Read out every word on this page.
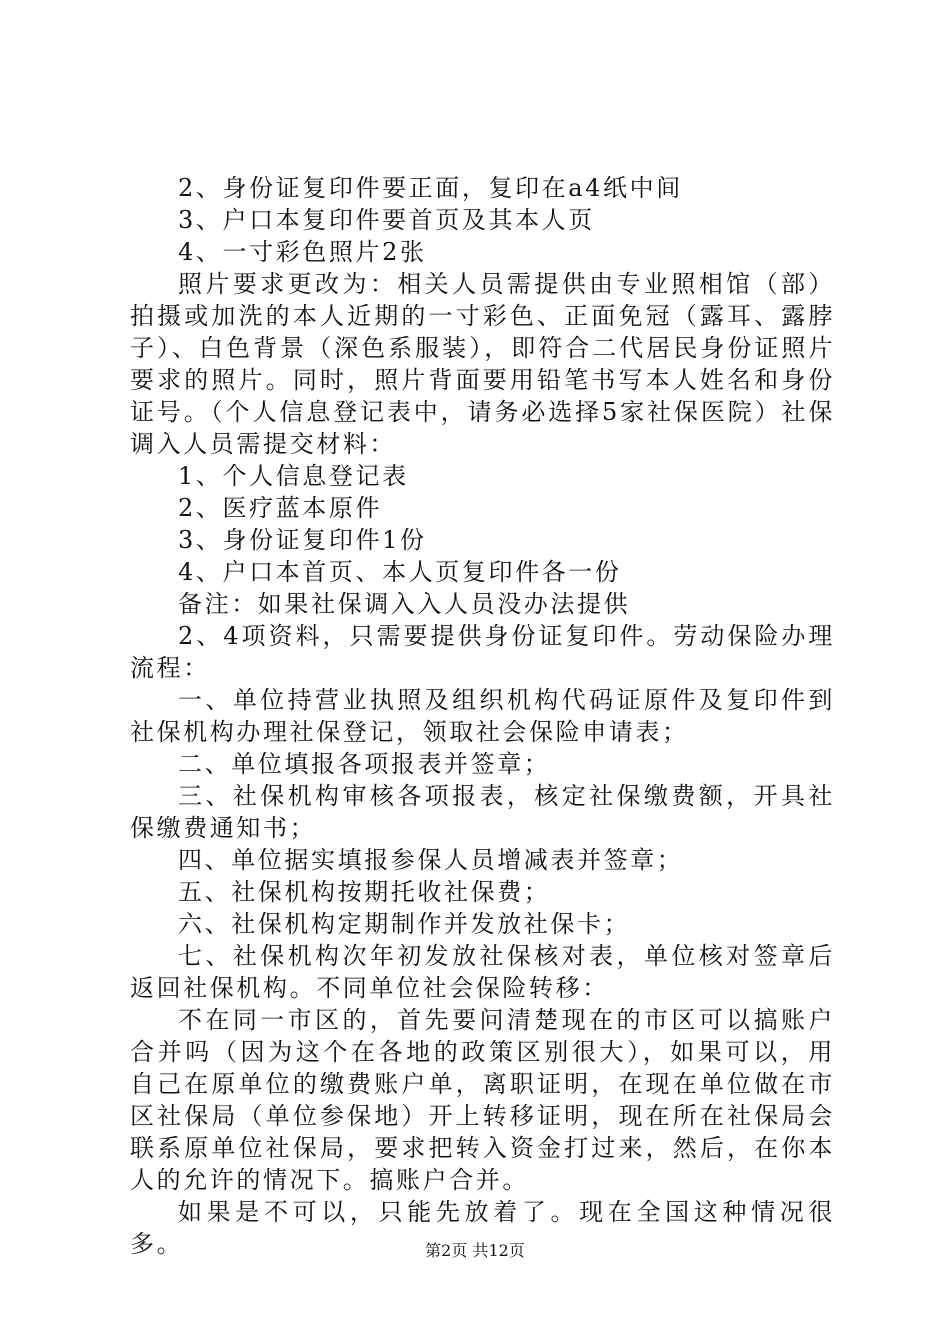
2、身份证复印件要正面，复印在a4纸中间

3、户口本复印件要首页及其本人页

4、一寸彩色照片2张

照片要求更改为：相关人员需提供由专业照相馆（部）拍摄或加洗的本人近期的一寸彩色、正面免冠（露耳、露脖子）、白色背景（深色系服装），即符合二代居民身份证照片要求的照片。同时，照片背面要用铅笔书写本人姓名和身份证号。（个人信息登记表中，请务必选择5家社保医院）社保调入人员需提交材料：

1、个人信息登记表

2、医疗蓝本原件

3、身份证复印件1份

4、户口本首页、本人页复印件各一份

备注：如果社保调入入人员没办法提供

2、4项资料，只需要提供身份证复印件。劳动保险办理流程：

一、单位持营业执照及组织机构代码证原件及复印件到社保机构办理社保登记，领取社会保险申请表；

二、单位填报各项报表并签章；

三、社保机构审核各项报表，核定社保缴费额，开具社保缴费通知书；

四、单位据实填报参保人员增减表并签章；

五、社保机构按期托收社保费；

六、社保机构定期制作并发放社保卡；

七、社保机构次年初发放社保核对表，单位核对签章后返回社保机构。不同单位社会保险转移：

不在同一市区的，首先要问清楚现在的市区可以搞账户合并吗（因为这个在各地的政策区别很大），如果可以，用自己在原单位的缴费账户单，离职证明，在现在单位做在市区社保局（单位参保地）开上转移证明，现在所在社保局会联系原单位社保局，要求把转入资金打过来，然后，在你本人的允许的情况下。搞账户合并。

如果是不可以，只能先放着了。现在全国这种情况很多。	第2页 共12页
